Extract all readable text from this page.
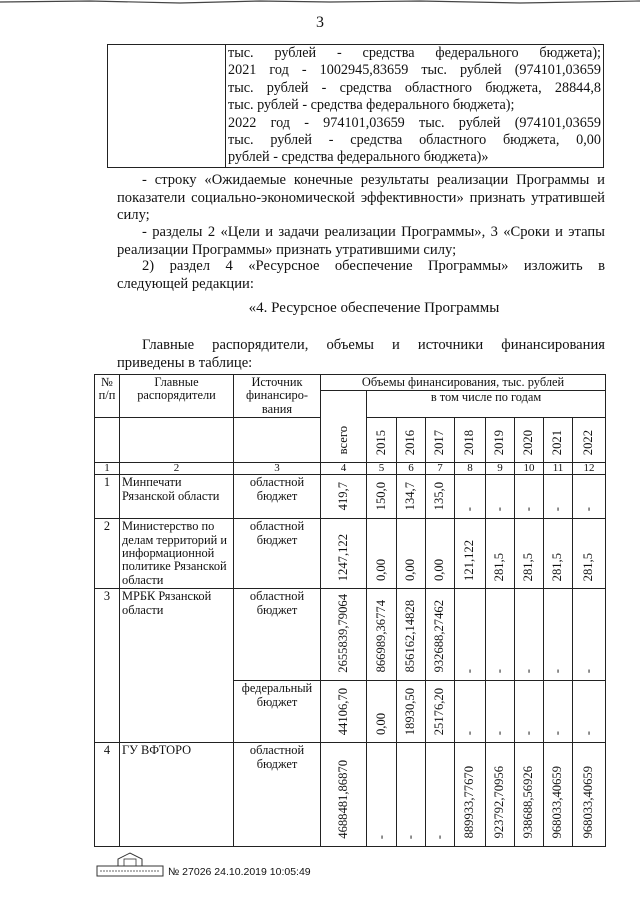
3

тыс. рублей - средства федерального бюджета);
2021 год - 1002945,83659 тыс. рублей (974101,03659
тыс. рублей - средства областного бюджета, 28844,8
тыс. рублей - средства федерального бюджета);
2022 год - 974101,03659 тыс. рублей (974101,03659
тыс. рублей - средства областного бюджета, 0,00
рублей - средства федерального бюджета)»
- строку «Ожидаемые конечные результаты реализации Программы и
показатели социально-экономической эффективности» признать утратившей
силу;
- разделы 2 «Цели и задачи реализации Программы», 3 «Сроки и этапы
реализации Программы» признать утратившими силу;
2) раздел 4 «Ресурсное обеспечение Программы» изложить в
следующей редакции:
«4. Ресурсное обеспечение Программы
Главные распорядители, объемы и источники финансирования
приведены в таблице:
№ п/п	Главные распорядители	Источник финансиро-вания	Объемы финансирования, тыс. рублей								
			всего	в том числе по годам							
				2015	2016	2017	2018	2019	2020	2021	2022
1	2	3	4	5	6	7	8	9	10	11	12
1	Минпечати Рязанской области	областной бюджет	419,7	150,0	134,7	135,0	-	-	-	-	-
2	Министерство по делам территорий и информационной политике Рязанской области	областной бюджет	1247,122	0,00	0,00	0,00	121,122	281,5	281,5	281,5	281,5
3	МРБК Рязанской области	областной бюджет	2655839,79064	866989,36774	856162,14828	932688,27462	-	-	-	-	-
		федеральный бюджет	44106,70	0,00	18930,50	25176,20	-	-	-	-	-
4	ГУ ВФТОРО	областной бюджет	4688481,86870	-	-	-	889933,77670	923792,70956	938688,56926	968033,40659	968033,40659
№ 27026 24.10.2019 10:05:49
